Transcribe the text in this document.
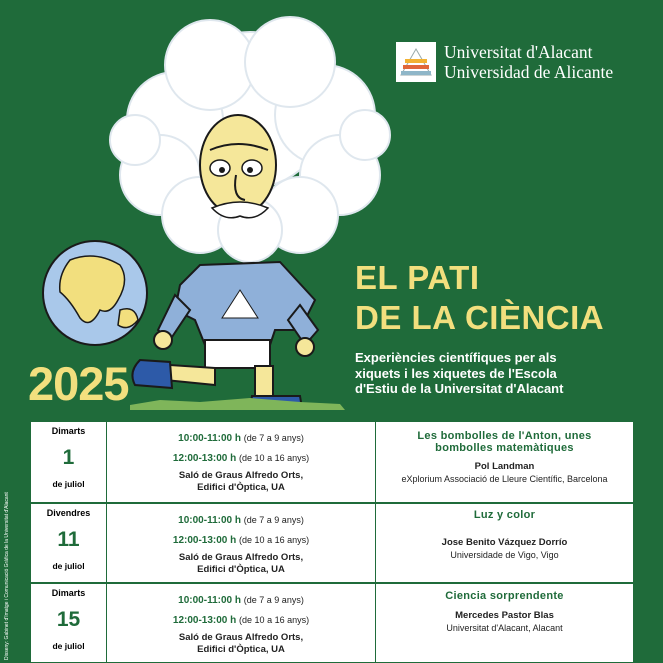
Universitat d'Alacant
Universidad de Alicante
EL PATI
DE LA CIÈNCIA
Experiències científiques per als
xiquets i les xiquetes de l'Escola
d'Estiu de la Universitat d'Alacant
2025
Disseny: Gabinet d'Imatge i Comunicació Gràfica de la Universitat d'Alacant
Dimarts
1
de juliol
10:00-11:00 h (de 7 a 9 anys)
12:00-13:00 h (de 10 a 16 anys)
Saló de Graus Alfredo Orts,
Edifici d'Òptica, UA
Les bombolles de l'Anton, unes
bombolles matemàtiques
Pol Landman
eXplorium Associació de Lleure Científic, Barcelona
Divendres
11
de juliol
10:00-11:00 h (de 7 a 9 anys)
12:00-13:00 h (de 10 a 16 anys)
Saló de Graus Alfredo Orts,
Edifici d'Òptica, UA
Luz y color
Jose Benito Vázquez Dorrío
Universidade de Vigo, Vigo
Dimarts
15
de juliol
10:00-11:00 h (de 7 a 9 anys)
12:00-13:00 h (de 10 a 16 anys)
Saló de Graus Alfredo Orts,
Edifici d'Òptica, UA
Ciencia sorprendente
Mercedes Pastor Blas
Universitat d'Alacant, Alacant
